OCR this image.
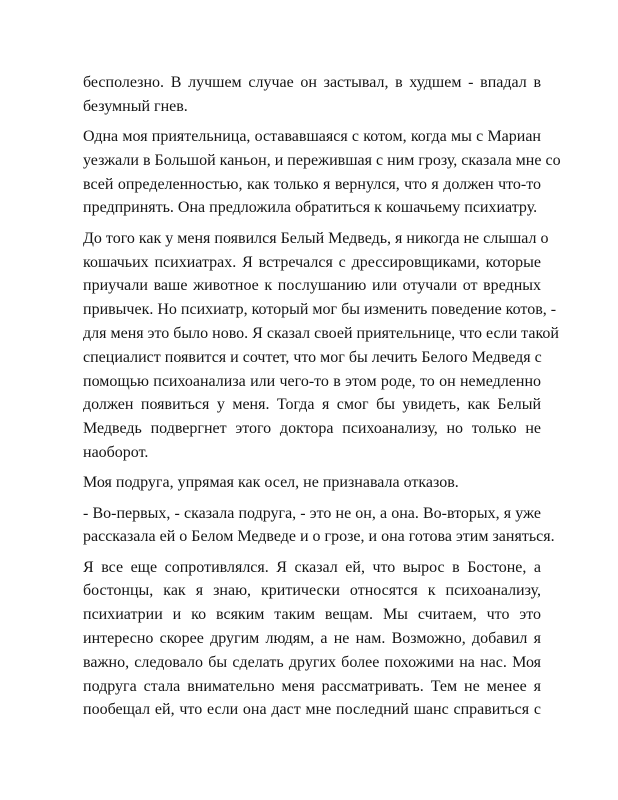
бесполезно. В лучшем случае он застывал, в худшем - впадал в
безумный гнев.
Одна моя приятельница, остававшаяся с котом, когда мы с Мариан
уезжали в Большой каньон, и пережившая с ним грозу, сказала мне со
всей определенностью, как только я вернулся, что я должен что-то
предпринять. Она предложила обратиться к кошачьему психиатру.
До того как у меня появился Белый Медведь, я никогда не слышал о
кошачьих психиатрах. Я встречался с дрессировщиками, которые
приучали ваше животное к послушанию или отучали от вредных
привычек. Но психиатр, который мог бы изменить поведение котов, -
для меня это было ново. Я сказал своей приятельнице, что если такой
специалист появится и сочтет, что мог бы лечить Белого Медведя с
помощью психоанализа или чего-то в этом роде, то он немедленно
должен появиться у меня. Тогда я смог бы увидеть, как Белый
Медведь подвергнет этого доктора психоанализу, но только не
наоборот.
Моя подруга, упрямая как осел, не признавала отказов.
- Во-первых, - сказала подруга, - это не он, а она. Во-вторых, я уже
рассказала ей о Белом Медведе и о грозе, и она готова этим заняться.
Я все еще сопротивлялся. Я сказал ей, что вырос в Бостоне, а
бостонцы, как я знаю, критически относятся к психоанализу,
психиатрии и ко всяким таким вещам. Мы считаем, что это
интересно скорее другим людям, а не нам. Возможно, добавил я
важно, следовало бы сделать других более похожими на нас. Моя
подруга стала внимательно меня рассматривать. Тем не менее я
пообещал ей, что если она даст мне последний шанс справиться с
